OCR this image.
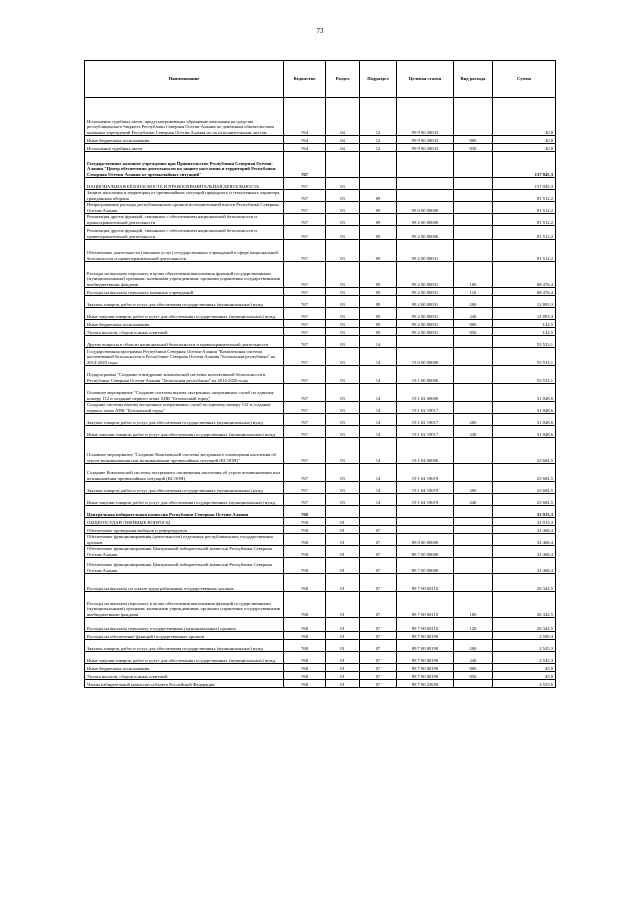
73
Наименование	Ведомство	Раздел	Подраздел	Целевая статья	Вид расхода	Сумма
Исполнение судебных актов, предусматривающих обращение взыскания на средства республиканского бюджета Республики Северная Осетия-Алания по денежным обязательствам казенных учреждений Республики Северная Осетия-Алания по их исполнительным листам	764	04	12	99 9 00 28033		20,0
Иные бюджетные ассигнования	764	04	12	99 9 00 28033	800	20,0
Исполнение судебных актов	764	04	12	99 9 00 28033	830	20,0
Государственное казенное учреждение при Правительстве Республики Северная Осетия-Алания "Центр обеспечения деятельности по защите населения и территорий Республики Северная Осетия-Алания от чрезвычайных ситуаций"	767					137 045,3
НАЦИОНАЛЬНАЯ БЕЗОПАСНОСТЬ И ПРАВООХРАНИТЕЛЬНАЯ ДЕЯТЕЛЬНОСТЬ	767	03				137 045,3
Защита населения и территории от чрезвычайных ситуаций природного и техногенного характера, гражданская оборона	767	03	09			81 512,2
Непрограммные расходы республиканских органов исполнительной власти Республики Северная Осетия-Алания	767	03	09	99 0 00 00000		81 512,2
Реализация других функций, связанных с обеспечением национальной безопасности и правоохранительной деятельности	767	03	09	99 2 00 00000		81 512,2
Реализация других функций, связанных с обеспечением национальной безопасности и правоохранительной деятельности	767	03	09	99 2 00 00000		81 512,2
Обеспечение деятельности (оказание услуг) государственных учреждений в сфере национальной безопасности и правоохранительной деятельности	767	03	09	99 2 00 00031		81 512,2
Расходы на выплаты персоналу в целях обеспечения выполнения функций государственными (муниципальными) органами, казенными учреждениями, органами управления государственными внебюджетными фондами	767	03	09	99 2 00 00031	100	68 476,4
Расходы на выплаты персоналу казенных учреждений	767	03	09	99 2 00 00031	110	68 476,4
Закупка товаров, работ и услуг для обеспечения государственных (муниципальных) нужд	767	03	09	99 2 00 00031	200	12 893,3
Иные закупки товаров, работ и услуг для обеспечения государственных (муниципальных) нужд	767	03	09	99 2 00 00031	240	12 893,3
Иные бюджетные ассигнования	767	03	09	99 2 00 00031	800	142,5
Уплата налогов, сборов и иных платежей	767	03	09	99 2 00 00031	850	142,5
Другие вопросы в области национальной безопасности и правоохранительной деятельности	767	03	14			55 533,1
Государственная программа Республики Северная Осетия-Алания "Комплексная система коллективной безопасности в Республике Северная Осетия-Алания "Безопасная республика" на 2014-2020 годы	767	03	14	19 0 00 00000		55 533,1
Подпрограмма "Создание и внедрение комплексной системы коллективной безопасности в Республике Северная Осетия-Алания "Безопасная республика" на 2014-2020 годы	767	03	14	19 1 00 00000		55 533,1
Основное мероприятие "Создание системы вызова экстренных оперативных служб по единому номеру 112 и создание первого этапа АПК "Безопасный город"	767	03	14	19 1 02 00000		31 848,6
Создание системы вызова экстренных оперативных служб по единому номеру 112 и создание первого этапа АПК "Безопасный город"	767	03	14	19 1 02 19017		31 848,6
Закупка товаров, работ и услуг для обеспечения государственных (муниципальных) нужд	767	03	14	19 1 02 19017	200	31 848,6
Иные закупки товаров, работ и услуг для обеспечения государственных (муниципальных) нужд	767	03	14	19 1 02 19017	240	31 848,6
Основное мероприятие "Создание Комплексной системы экстренного оповещения населения об угрозе возникновения или возникновении чрезвычайных ситуаций (КСЭОН)"	767	03	14	19 1 04 00000		23 684,5
Создание Комплексной системы экстренного оповещения населения об угрозе возникновения или возникновения чрезвычайных ситуаций (КСЭОН)	767	03	14	19 1 04 19019		23 684,5
Закупка товаров, работ и услуг для обеспечения государственных (муниципальных) нужд	767	03	14	19 1 04 19019	200	23 684,5
Иные закупки товаров, работ и услуг для обеспечения государственных (муниципальных) нужд	767	03	14	19 1 04 19019	240	23 684,5
Центральная избирательная комиссия Республики Северная Осетия-Алания	768					32 915,3
ОБЩЕГОСУДАРСТВЕННЫЕ ВОПРОСЫ	768	01				32 915,3
Обеспечение проведения выборов и референдумов	768	01	07			32 468,4
Обеспечение функционирования (деятельности) отдельных республиканских государственных органов	768	01	07	89 0 00 00000		32 468,4
Обеспечение функционирования Центральной избирательной комиссии Республики Северная Осетия-Алания	768	01	07	89 7 00 00000		32 468,4
Обеспечение функционирования Центральной избирательной комиссии Республики Северная Осетия-Алания	768	01	07	89 7 00 00000		32 468,4
Расходы на выплаты по оплате труда работников государственных органов	768	01	07	89 7 00 00110		26 342,5
Расходы на выплаты персоналу в целях обеспечения выполнения функций государственными (муниципальными) органами, казенными учреждениями, органами управления государственными внебюджетными фондами	768	01	07	89 7 00 00110	100	26 342,5
Расходы на выплаты персоналу государственных (муниципальных) органов	768	01	07	89 7 00 00110	120	26 342,5
Расходы на обеспечение функций государственных органов	768	01	07	89 7 00 00190		2 590,3
Закупка товаров, работ и услуг для обеспечения государственных (муниципальных) нужд	768	01	07	89 7 00 00190	200	2 545,3
Иные закупки товаров, работ и услуг для обеспечения государственных (муниципальных) нужд	768	01	07	89 7 00 00190	240	2 545,3
Иные бюджетные ассигнования	768	01	07	89 7 00 00190	800	45,0
Уплата налогов, сборов и иных платежей	768	01	07	89 7 00 00190	850	45,0
Члены избирательной комиссии субъекта Российской Федерации	768	01	07	89 7 00 22650		3 535,6
